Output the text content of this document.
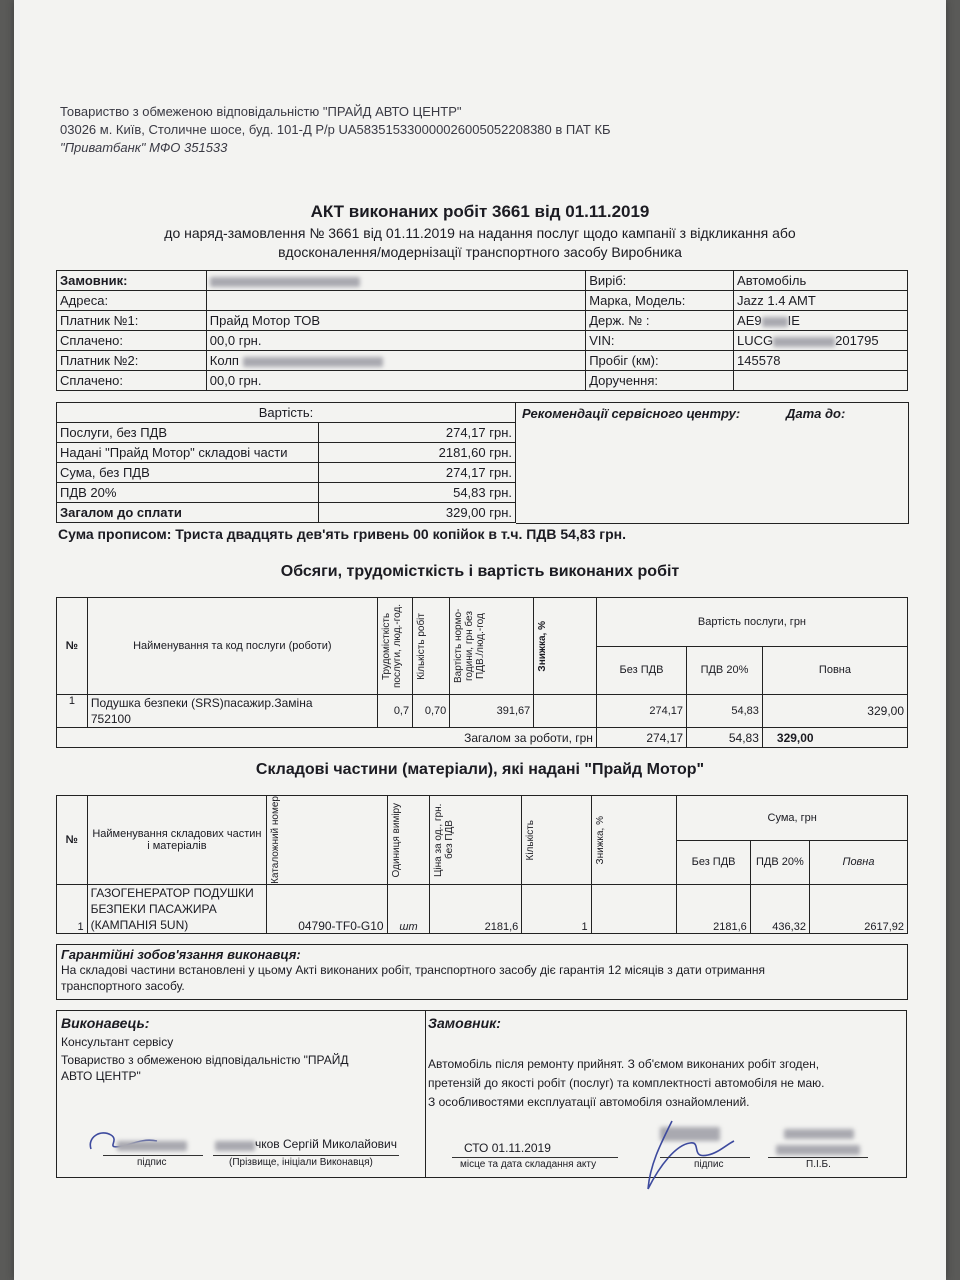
Товариство з обмеженою відповідальністю "ПРАЙД АВТО ЦЕНТР"
03026 м. Київ, Столичне шосе, буд. 101-Д Р/р UA583515330000026005052208380 в ПАТ КБ
"Приватбанк" МФО 351533
АКТ виконаних робіт 3661 від 01.11.2019
до наряд-замовлення № 3661 від 01.11.2019 на надання послуг щодо кампанії з відкликання або
вдосконалення/модернізації транспортного засобу Виробника
Замовник:		Виріб:	Автомобіль
Адреса:		Марка, Модель:	Jazz 1.4 AMT
Платник №1:	Прайд Мотор ТОВ	Держ. № :	AE9 IE
Сплачено:	00,0 грн.	VIN:	LUCG 201795
Платник №2:	Колп	Пробіг (км):	145578
Сплачено:	00,0 грн.	Доручення:	
Вартість:	
Послуги, без ПДВ	274,17 грн.
Надані "Прайд Мотор" складові части	2181,60 грн.
Сума, без ПДВ	274,17 грн.
ПДВ 20%	54,83 грн.
Загалом до сплати	329,00 грн.
Рекомендації сервісного центру:	Дата до:
Сума прописом: Триста двадцять дев'ять гривень 00 копійок в т.ч. ПДВ 54,83 грн.
Обсяги, трудомісткість і вартість виконаних робіт
№	Найменування та код послуги (роботи)	Трудомісткість послуги, люд.-год.	Кількість робіт	Вартість нормо-години, грн без ПДВ./люд.-год	Знижка, %	Вартість послуги, грн		
						Без ПДВ	ПДВ 20%	Повна
1	Подушка безпеки (SRS)пасажир.Заміна
752100	0,7	0,70	391,67		274,17	54,83	329,00
Загалом за роботи, грн						274,17	54,83	329,00
Складові частини (матеріали), які надані "Прайд Мотор"
№	Найменування складових частин і матеріалів	Каталожний номер	Одиниця виміру	Ціна за од., грн. без ПДВ	Кількість	Знижка, %	Сума, грн		
							Без ПДВ	ПДВ 20%	Повна
1	ГАЗОГЕНЕРАТОР ПОДУШКИ
БЕЗПЕКИ ПАСАЖИРА
(КАМПАНІЯ 5UN)	04790-TF0-G10	шт	2181,6	1		2181,6	436,32	2617,92
Гарантійні зобов'язання виконавця:
На складові частини встановлені у цьому Акті виконаних робіт, транспортного засобу діє гарантія 12 місяців з дати отримання
транспортного засобу.
Виконавець:
Консультант сервісу
Товариство з обмеженою відповідальністю "ПРАЙД
АВТО ЦЕНТР"
чков Сергій Миколайович
підпис	(Прізвище, ініціали Виконавця)
Замовник:
Автомобіль після ремонту прийнят. З об'ємом виконаних робіт згоден,
претензій до якості робіт (послуг) та комплектності автомобіля не маю.
З особливостями експлуатації автомобіля ознайомлений.
СТО 01.11.2019
місце та дата складання акту	підпис	П.І.Б.
